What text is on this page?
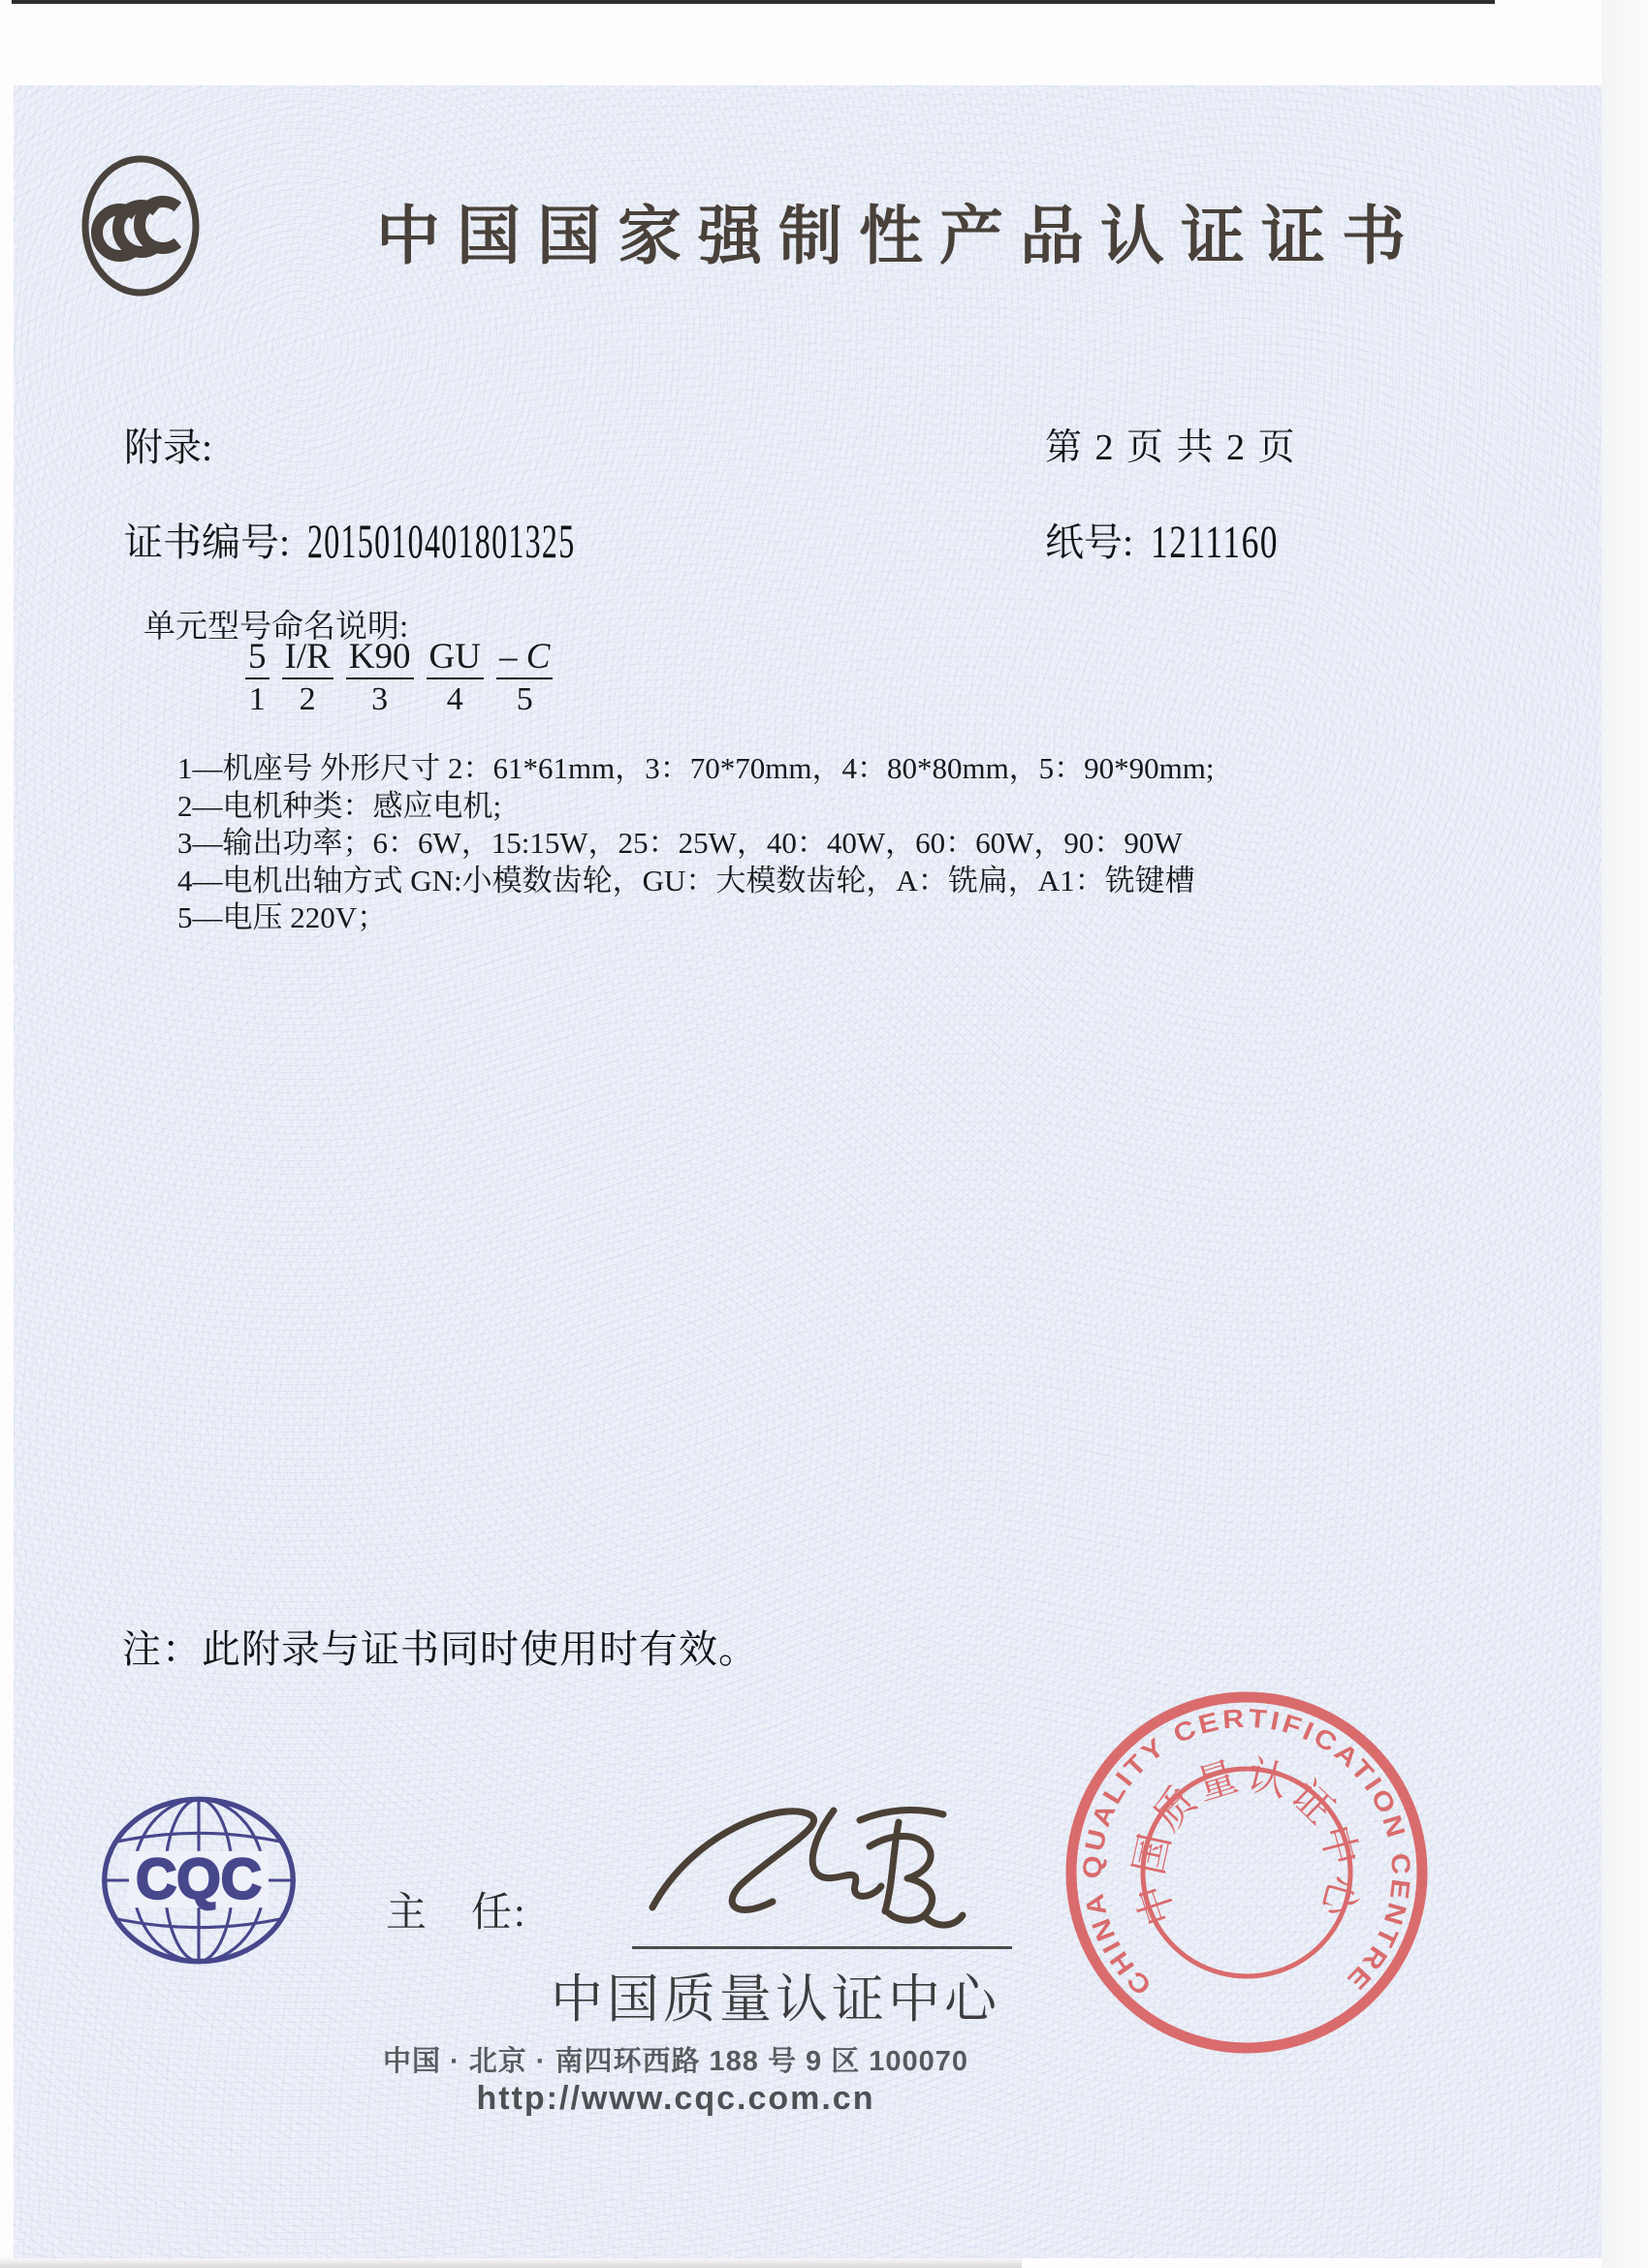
中国国家强制性产品认证证书
附录:	第 2 页 共 2 页
证书编号: 2015010401801325	纸号: 1211160
单元型号命名说明:
5
1
I/R
2
K90
3
GU
4
– C
5
1—机座号 外形尺寸 2：61*61mm，3：70*70mm，4：80*80mm，5：90*90mm;
2—电机种类：感应电机;
3—输出功率；6：6W，15:15W，25：25W，40：40W，60：60W，90：90W
4—电机出轴方式 GN:小模数齿轮，GU：大模数齿轮，A：铣扁，A1：铣键槽
5—电压 220V；
注：此附录与证书同时使用时有效。
CQC
主　任:
中国质量认证中心
中国 · 北京 · 南四环西路 188 号 9 区 100070
http://www.cqc.com.cn
CHINA QUALITY CERTIFICATION CENTRE
中国质量认证中心
